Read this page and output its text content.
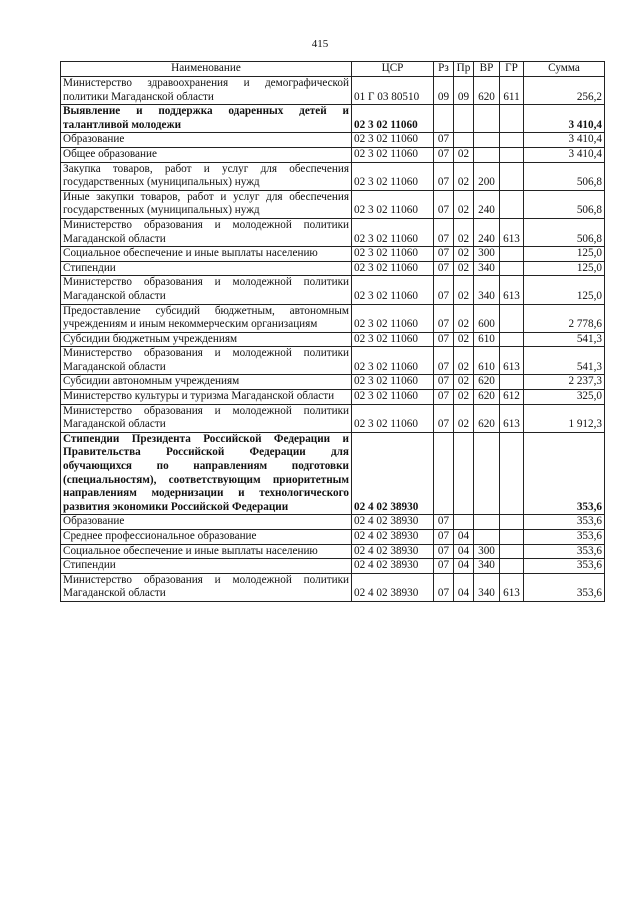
415
Наименование	ЦСР	Рз	Пр	ВР	ГР	Сумма
Министерство здравоохранения и демографической политики Магаданской области	01 Г 03 80510	09	09	620	611	256,2
Выявление и поддержка одаренных детей и талантливой молодежи	02 3 02 11060					3 410,4
Образование	02 3 02 11060	07				3 410,4
Общее образование	02 3 02 11060	07	02			3 410,4
Закупка товаров, работ и услуг для обеспечения государственных (муниципальных) нужд	02 3 02 11060	07	02	200		506,8
Иные закупки товаров, работ и услуг для обеспечения государственных (муниципальных) нужд	02 3 02 11060	07	02	240		506,8
Министерство образования и молодежной политики Магаданской области	02 3 02 11060	07	02	240	613	506,8
Социальное обеспечение и иные выплаты населению	02 3 02 11060	07	02	300		125,0
Стипендии	02 3 02 11060	07	02	340		125,0
Министерство образования и молодежной политики Магаданской области	02 3 02 11060	07	02	340	613	125,0
Предоставление субсидий бюджетным, автономным учреждениям и иным некоммерческим организациям	02 3 02 11060	07	02	600		2 778,6
Субсидии бюджетным учреждениям	02 3 02 11060	07	02	610		541,3
Министерство образования и молодежной политики Магаданской области	02 3 02 11060	07	02	610	613	541,3
Субсидии автономным учреждениям	02 3 02 11060	07	02	620		2 237,3
Министерство культуры и туризма Магаданской области	02 3 02 11060	07	02	620	612	325,0
Министерство образования и молодежной политики Магаданской области	02 3 02 11060	07	02	620	613	1 912,3
Стипендии Президента Российской Федерации и Правительства Российской Федерации для обучающихся по направлениям подготовки (специальностям), соответствующим приоритетным направлениям модернизации и технологического развития экономики Российской Федерации	02 4 02 38930					353,6
Образование	02 4 02 38930	07				353,6
Среднее профессиональное образование	02 4 02 38930	07	04			353,6
Социальное обеспечение и иные выплаты населению	02 4 02 38930	07	04	300		353,6
Стипендии	02 4 02 38930	07	04	340		353,6
Министерство образования и молодежной политики Магаданской области	02 4 02 38930	07	04	340	613	353,6
